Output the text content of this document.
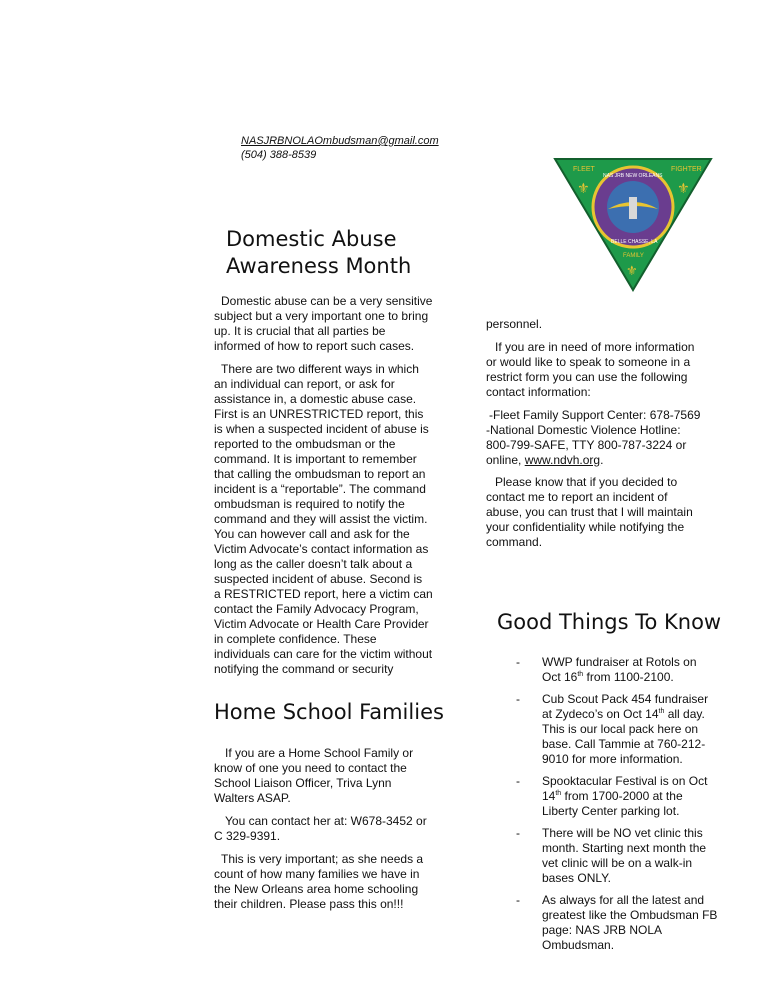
NASJRBNOLAOmbudsman@gmail.com
(504) 388-8539
FLEET	FIGHTER
NAS JRB NEW ORLEANS
BELLE CHASSE, LA
FAMILY
⚜	⚜
⚜
Domestic Abuse
Awareness Month

Domestic abuse can be a very sensitive
subject but a very important one to bring
up. It is crucial that all parties be
informed of how to report such cases.

There are two different ways in which
an individual can report, or ask for
assistance in, a domestic abuse case.
First is an UNRESTRICTED report, this
is when a suspected incident of abuse is
reported to the ombudsman or the
command. It is important to remember
that calling the ombudsman to report an
incident is a “reportable”. The command
ombudsman is required to notify the
command and they will assist the victim.
You can however call and ask for the
Victim Advocate’s contact information as
long as the caller doesn’t talk about a
suspected incident of abuse. Second is
a RESTRICTED report, here a victim can
contact the Family Advocacy Program,
Victim Advocate or Health Care Provider
in complete confidence. These
individuals can care for the victim without
notifying the command or security

personnel.

If you are in need of more information
or would like to speak to someone in a
restrict form you can use the following
contact information:

-Fleet Family Support Center: 678-7569
-National Domestic Violence Hotline:
800-799-SAFE, TTY 800-787-3224 or
online, www.ndvh.org.

Please know that if you decided to
contact me to report an incident of
abuse, you can trust that I will maintain
your confidentiality while notifying the
command.

Home School Families

If you are a Home School Family or
know of one you need to contact the
School Liaison Officer, Triva Lynn
Walters ASAP.

You can contact her at: W678-3452 or
C 329-9391.

This is very important; as she needs a
count of how many families we have in
the New Orleans area home schooling
their children. Please pass this on!!!

Good Things To Know
- WWP fundraiser at Rotols on
Oct 16th from 1100-2100.
- Cub Scout Pack 454 fundraiser
at Zydeco’s on Oct 14th all day.
This is our local pack here on
base. Call Tammie at 760-212-
9010 for more information.
- Spooktacular Festival is on Oct
14th from 1700-2000 at the
Liberty Center parking lot.
- There will be NO vet clinic this
month. Starting next month the
vet clinic will be on a walk-in
bases ONLY.
- As always for all the latest and
greatest like the Ombudsman FB
page: NAS JRB NOLA
Ombudsman.
